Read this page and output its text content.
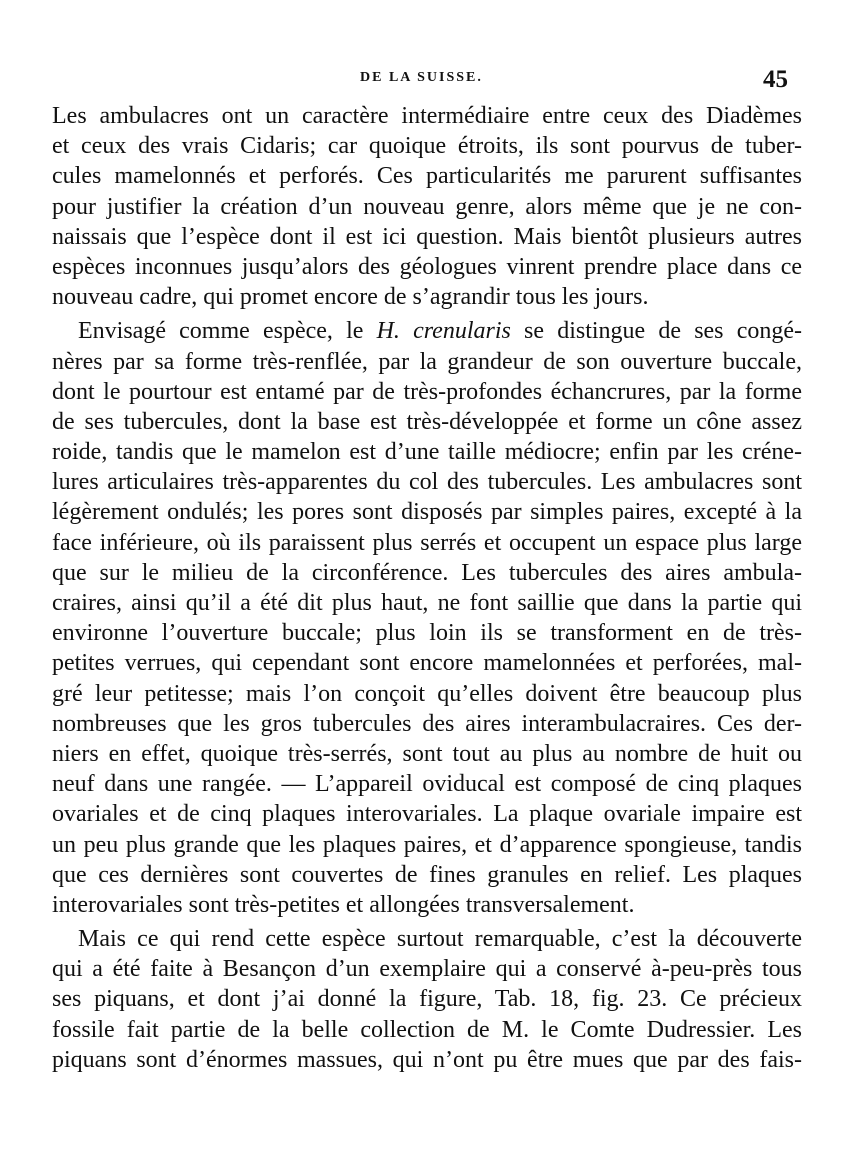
DE LA SUISSE.	45
Les ambulacres ont un caractère intermédiaire entre ceux des Diadèmes
et ceux des vrais Cidaris; car quoique étroits, ils sont pourvus de tuber-
cules mamelonnés et perforés. Ces particularités me parurent suffisantes
pour justifier la création d’un nouveau genre, alors même que je ne con-
naissais que l’espèce dont il est ici question. Mais bientôt plusieurs autres
espèces inconnues jusqu’alors des géologues vinrent prendre place dans ce
nouveau cadre, qui promet encore de s’agrandir tous les jours.
Envisagé comme espèce, le H. crenularis se distingue de ses congé-
nères par sa forme très-renflée, par la grandeur de son ouverture buccale,
dont le pourtour est entamé par de très-profondes échancrures, par la forme
de ses tubercules, dont la base est très-développée et forme un cône assez
roide, tandis que le mamelon est d’une taille médiocre; enfin par les créne-
lures articulaires très-apparentes du col des tubercules. Les ambulacres sont
légèrement ondulés; les pores sont disposés par simples paires, excepté à la
face inférieure, où ils paraissent plus serrés et occupent un espace plus large
que sur le milieu de la circonférence. Les tubercules des aires ambula-
craires, ainsi qu’il a été dit plus haut, ne font saillie que dans la partie qui
environne l’ouverture buccale; plus loin ils se transforment en de très-
petites verrues, qui cependant sont encore mamelonnées et perforées, mal-
gré leur petitesse; mais l’on conçoit qu’elles doivent être beaucoup plus
nombreuses que les gros tubercules des aires interambulacraires. Ces der-
niers en effet, quoique très-serrés, sont tout au plus au nombre de huit ou
neuf dans une rangée. — L’appareil oviducal est composé de cinq plaques
ovariales et de cinq plaques interovariales. La plaque ovariale impaire est
un peu plus grande que les plaques paires, et d’apparence spongieuse, tandis
que ces dernières sont couvertes de fines granules en relief. Les plaques
interovariales sont très-petites et allongées transversalement.
Mais ce qui rend cette espèce surtout remarquable, c’est la découverte
qui a été faite à Besançon d’un exemplaire qui a conservé à-peu-près tous
ses piquans, et dont j’ai donné la figure, Tab. 18, fig. 23. Ce précieux
fossile fait partie de la belle collection de M. le Comte Dudressier. Les
piquans sont d’énormes massues, qui n’ont pu être mues que par des fais-
